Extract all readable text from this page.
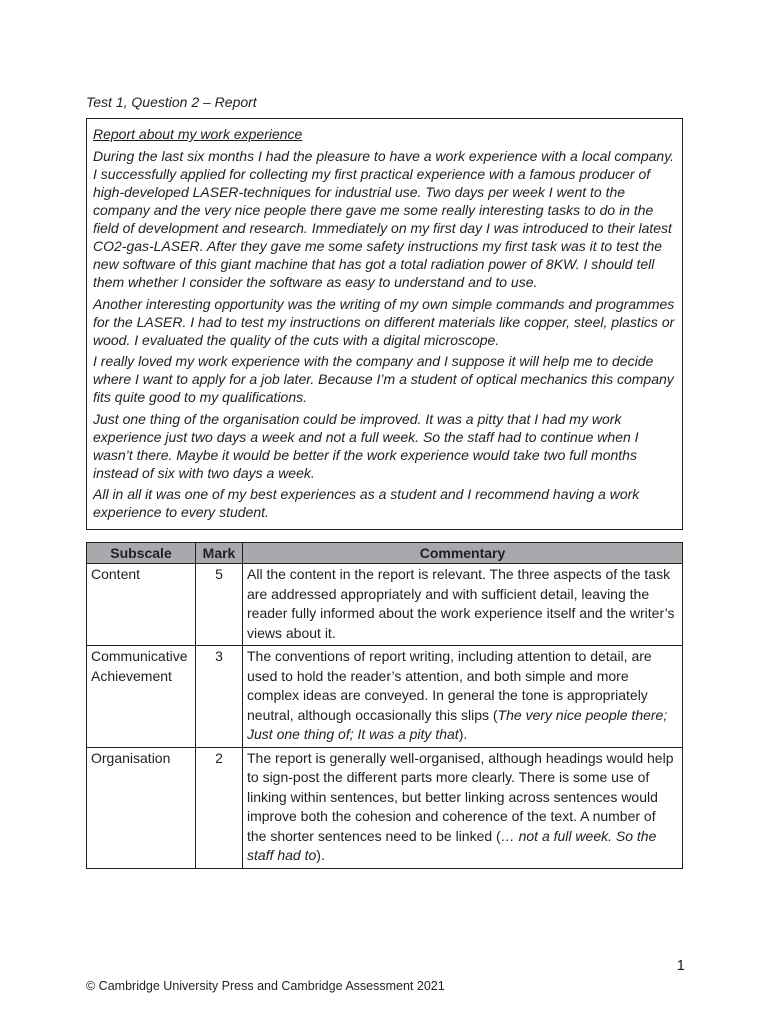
Test 1, Question 2 – Report
Report about my work experience

During the last six months I had the pleasure to have a work experience with a local company. I successfully applied for collecting my first practical experience with a famous producer of high-developed LASER-techniques for industrial use. Two days per week I went to the company and the very nice people there gave me some really interesting tasks to do in the field of development and research. Immediately on my first day I was introduced to their latest CO2-gas-LASER. After they gave me some safety instructions my first task was it to test the new software of this giant machine that has got a total radiation power of 8KW. I should tell them whether I consider the software as easy to understand and to use.

Another interesting opportunity was the writing of my own simple commands and programmes for the LASER. I had to test my instructions on different materials like copper, steel, plastics or wood. I evaluated the quality of the cuts with a digital microscope.

I really loved my work experience with the company and I suppose it will help me to decide where I want to apply for a job later. Because I’m a student of optical mechanics this company fits quite good to my qualifications.

Just one thing of the organisation could be improved. It was a pitty that I had my work experience just two days a week and not a full week. So the staff had to continue when I wasn’t there. Maybe it would be better if the work experience would take two full months instead of six with two days a week.

All in all it was one of my best experiences as a student and I recommend having a work experience to every student.

Subscale	Mark	Commentary
Content	5	All the content in the report is relevant. The three aspects of the task are addressed appropriately and with sufficient detail, leaving the reader fully informed about the work experience itself and the writer’s views about it.
Communicative Achievement	3	The conventions of report writing, including attention to detail, are used to hold the reader’s attention, and both simple and more complex ideas are conveyed. In general the tone is appropriately neutral, although occasionally this slips (The very nice people there; Just one thing of; It was a pity that).
Organisation	2	The report is generally well-organised, although headings would help to sign-post the different parts more clearly. There is some use of linking within sentences, but better linking across sentences would improve both the cohesion and coherence of the text. A number of the shorter sentences need to be linked (… not a full week. So the staff had to).
1
© Cambridge University Press and Cambridge Assessment 2021
